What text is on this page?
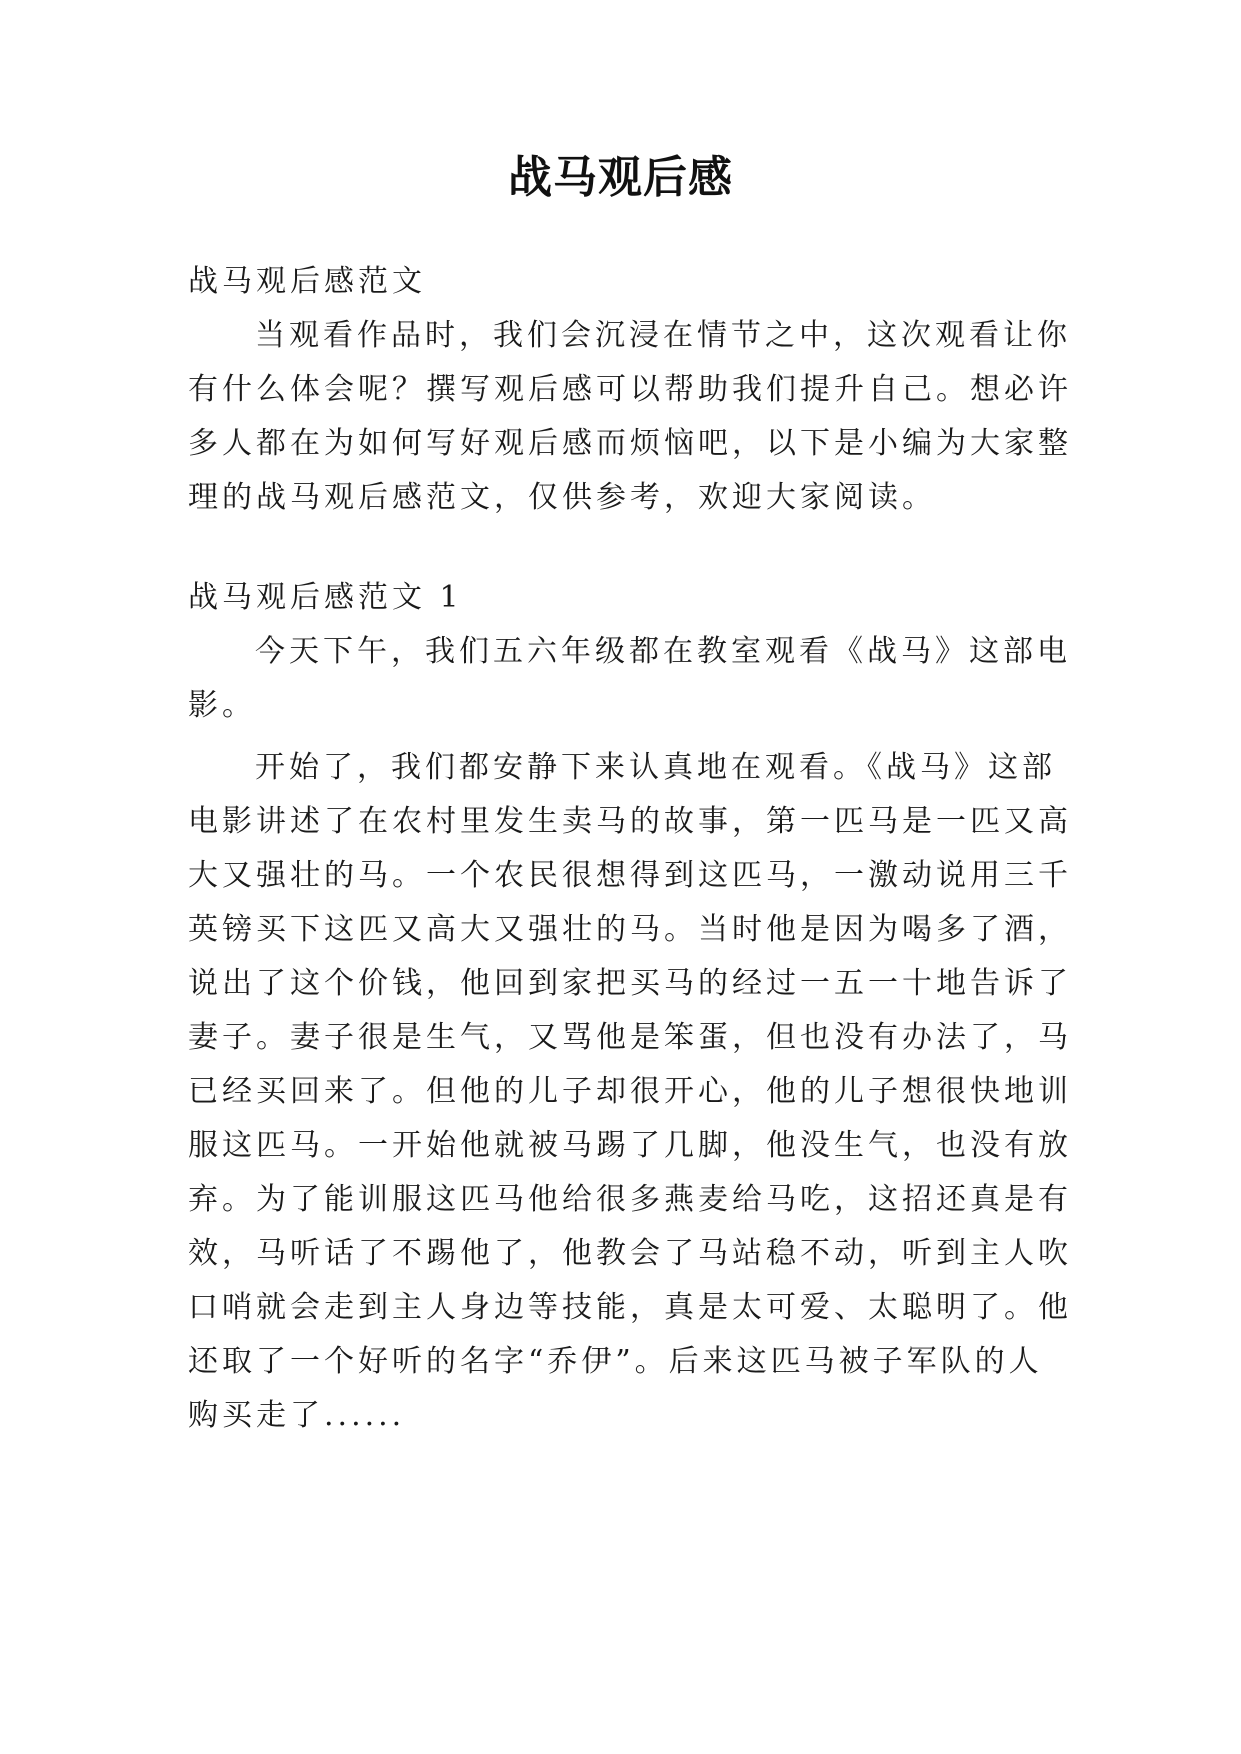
战马观后感
战马观后感范文
当观看作品时，我们会沉浸在情节之中，这次观看让你
有什么体会呢？撰写观后感可以帮助我们提升自己。想必许
多人都在为如何写好观后感而烦恼吧，以下是小编为大家整
理的战马观后感范文，仅供参考，欢迎大家阅读。
战马观后感范文 1
今天下午，我们五六年级都在教室观看《战马》这部电
影。
开始了，我们都安静下来认真地在观看。《战马》这部
电影讲述了在农村里发生卖马的故事，第一匹马是一匹又高
大又强壮的马。一个农民很想得到这匹马，一激动说用三千
英镑买下这匹又高大又强壮的马。当时他是因为喝多了酒，
说出了这个价钱，他回到家把买马的经过一五一十地告诉了
妻子。妻子很是生气，又骂他是笨蛋，但也没有办法了，马
已经买回来了。但他的儿子却很开心，他的儿子想很快地训
服这匹马。一开始他就被马踢了几脚，他没生气，也没有放
弃。为了能训服这匹马他给很多燕麦给马吃，这招还真是有
效，马听话了不踢他了，他教会了马站稳不动，听到主人吹
口哨就会走到主人身边等技能，真是太可爱、太聪明了。他
还取了一个好听的名字“乔伊”。后来这匹马被子军队的人
购买走了......
